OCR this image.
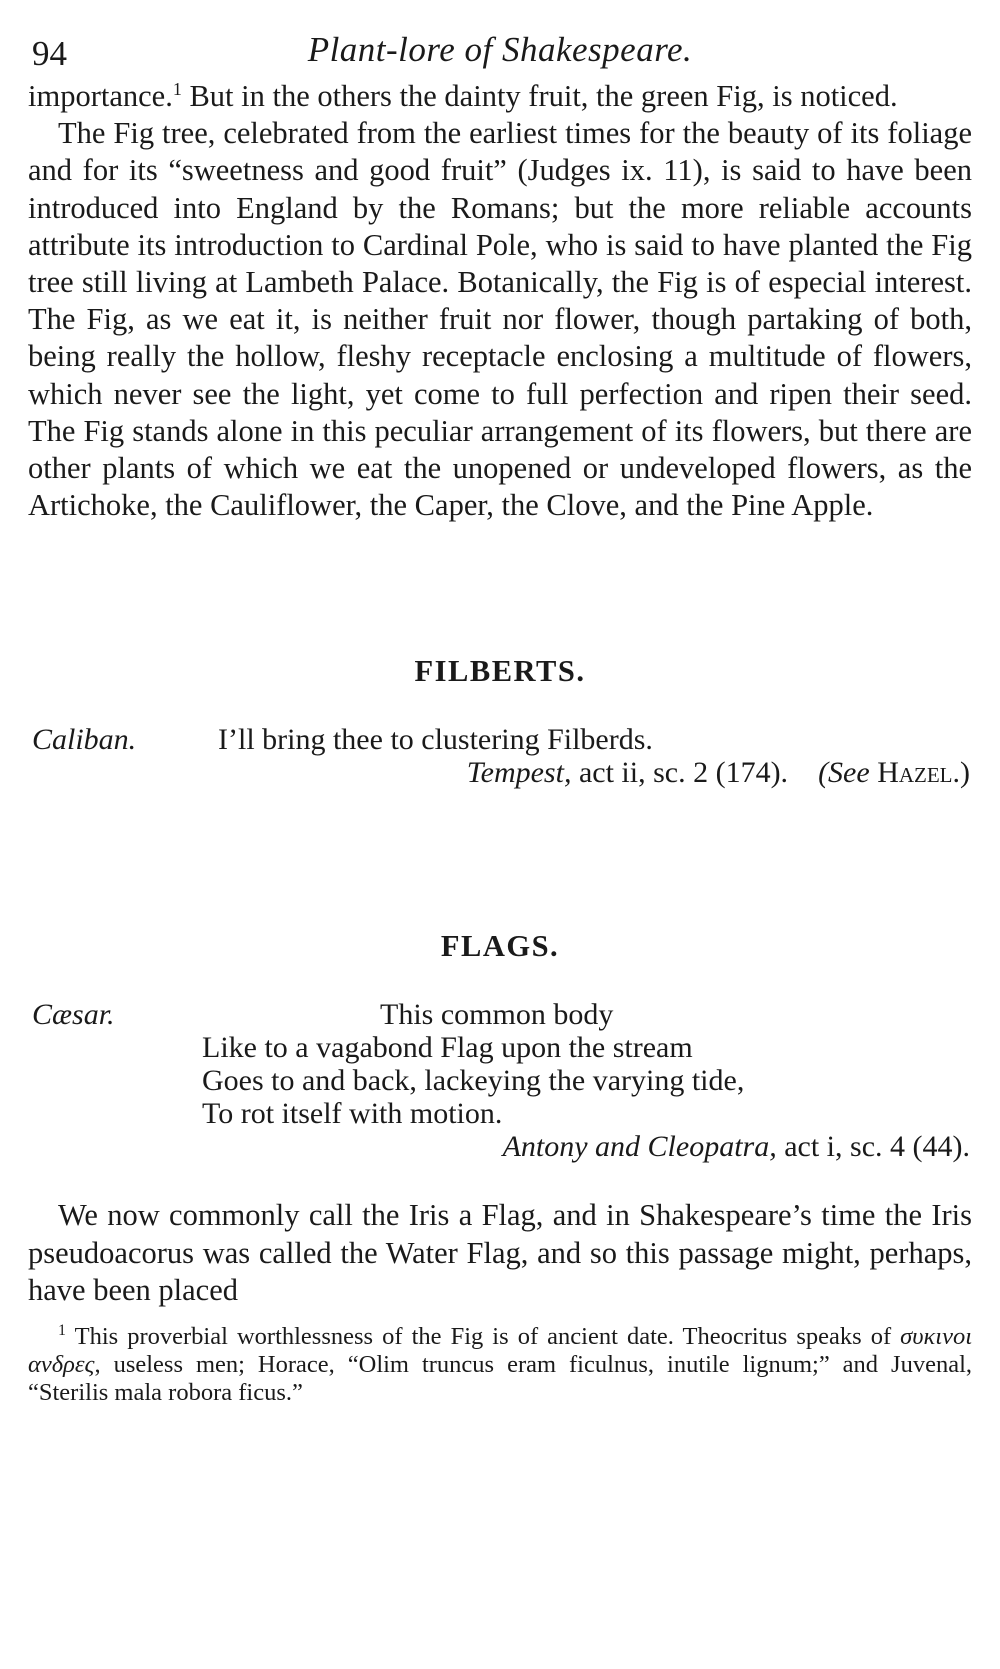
94	Plant-lore of Shakespeare.

importance.$^1$ But in the others the dainty fruit, the green Fig, is noticed.

The Fig tree, celebrated from the earliest times for the beauty of its foliage and for its “sweetness and good fruit” (Judges ix. 11), is said to have been introduced into England by the Romans; but the more reliable accounts attribute its introduction to Cardinal Pole, who is said to have planted the Fig tree still living at Lambeth Palace. Botanically, the Fig is of especial interest. The Fig, as we eat it, is neither fruit nor flower, though partaking of both, being really the hollow, fleshy receptacle enclosing a multitude of flowers, which never see the light, yet come to full perfection and ripen their seed. The Fig stands alone in this peculiar arrangement of its flowers, but there are other plants of which we eat the unopened or undeveloped flowers, as the Artichoke, the Cauliflower, the Caper, the Clove, and the Pine Apple.

FILBERTS.
Caliban.	I’ll bring thee to clustering Filberds.
Tempest, act ii, sc. 2 (174). (See Hazel.)
FLAGS.
Cæsar.	This common body
Like to a vagabond Flag upon the stream
Goes to and back, lackeying the varying tide,
To rot itself with motion.
Antony and Cleopatra, act i, sc. 4 (44).

We now commonly call the Iris a Flag, and in Shakespeare’s time the Iris pseudoacorus was called the Water Flag, and so this passage might, perhaps, have been placed

$^1$ This proverbial worthlessness of the Fig is of ancient date. Theocritus speaks of συκινοι ανδρες, useless men; Horace, “Olim truncus eram ficulnus, inutile lignum;” and Juvenal, “Sterilis mala robora ficus.”
